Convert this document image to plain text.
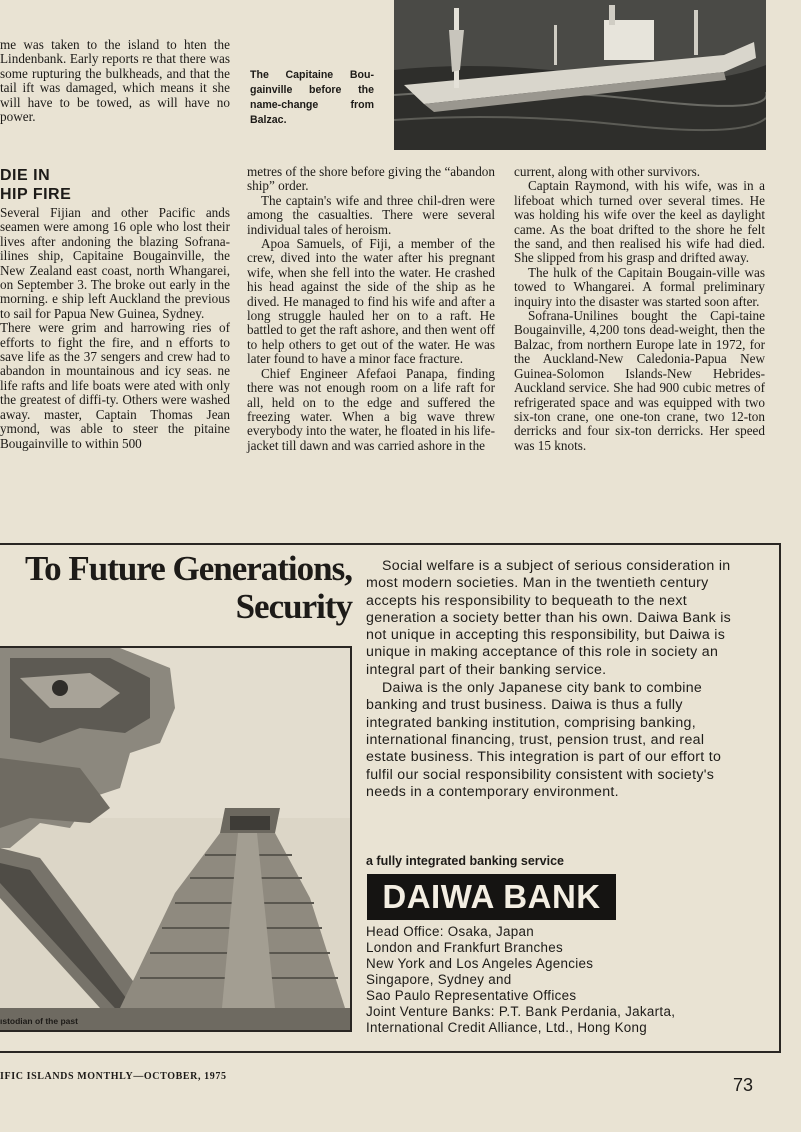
me was taken to the island to hten the Lindenbank. Early reports re that there was some rupturing the bulkheads, and that the tail ift was damaged, which means it she will have to be towed, as will have no power.

DIE IN
HIP FIRE

Several Fijian and other Pacific ands seamen were among 16 ople who lost their lives after andoning the blazing Sofrana-ilines ship, Capitaine Bougainville, the New Zealand east coast, north Whangarei, on September 3. The broke out early in the morning. e ship left Auckland the previous to sail for Papua New Guinea, Sydney.

There were grim and harrowing ries of efforts to fight the fire, and n efforts to save life as the 37 sengers and crew had to abandon in mountainous and icy seas. ne life rafts and life boats were ated with only the greatest of diffi-ty. Others were washed away. master, Captain Thomas Jean ymond, was able to steer the pitaine Bougainville to within 500

metres of the shore before giving the “abandon ship” order.

The captain's wife and three chil-dren were among the casualties. There were several individual tales of heroism.

Apoa Samuels, of Fiji, a member of the crew, dived into the water after his pregnant wife, when she fell into the water. He crashed his head against the side of the ship as he dived. He managed to find his wife and after a long struggle hauled her on to a raft. He battled to get the raft ashore, and then went off to help others to get out of the water. He was later found to have a minor face fracture.

Chief Engineer Afefaoi Panapa, finding there was not enough room on a life raft for all, held on to the edge and suffered the freezing water. When a big wave threw everybody into the water, he floated in his life-jacket till dawn and was carried ashore in the

current, along with other survivors.

Captain Raymond, with his wife, was in a lifeboat which turned over several times. He was holding his wife over the keel as daylight came. As the boat drifted to the shore he felt the sand, and then realised his wife had died. She slipped from his grasp and drifted away.

The hulk of the Capitain Bougain-ville was towed to Whangarei. A formal preliminary inquiry into the disaster was started soon after.

Sofrana-Unilines bought the Capi-taine Bougainville, 4,200 tons dead-weight, then the Balzac, from northern Europe late in 1972, for the Auckland-New Caledonia-Papua New Guinea-Solomon Islands-New Hebrides-Auckland service. She had 900 cubic metres of refrigerated space and was equipped with two six-ton crane, one one-ton crane, two 12-ton derricks and four six-ton derricks. Her speed was 15 knots.

The Capitaine Bou-gainville before the name-change from Balzac.
To Future Generations,
Security
ıstodian of the past

Social welfare is a subject of serious consideration in most modern societies. Man in the twentieth century accepts his responsibility to bequeath to the next generation a society better than his own. Daiwa Bank is not unique in accepting this responsibility, but Daiwa is unique in making acceptance of this role in society an integral part of their banking service.

Daiwa is the only Japanese city bank to combine banking and trust business. Daiwa is thus a fully integrated banking institution, comprising banking, international financing, trust, pension trust, and real estate business. This integration is part of our effort to fulfil our social responsibility consistent with society's needs in a contemporary environment.

a fully integrated banking service
DAIWA BANK
Head Office: Osaka, Japan
London and Frankfurt Branches
New York and Los Angeles Agencies
Singapore, Sydney and
Sao Paulo Representative Offices
Joint Venture Banks: P.T. Bank Perdania, Jakarta,
International Credit Alliance, Ltd., Hong Kong
IFIC ISLANDS MONTHLY—OCTOBER, 1975	73
